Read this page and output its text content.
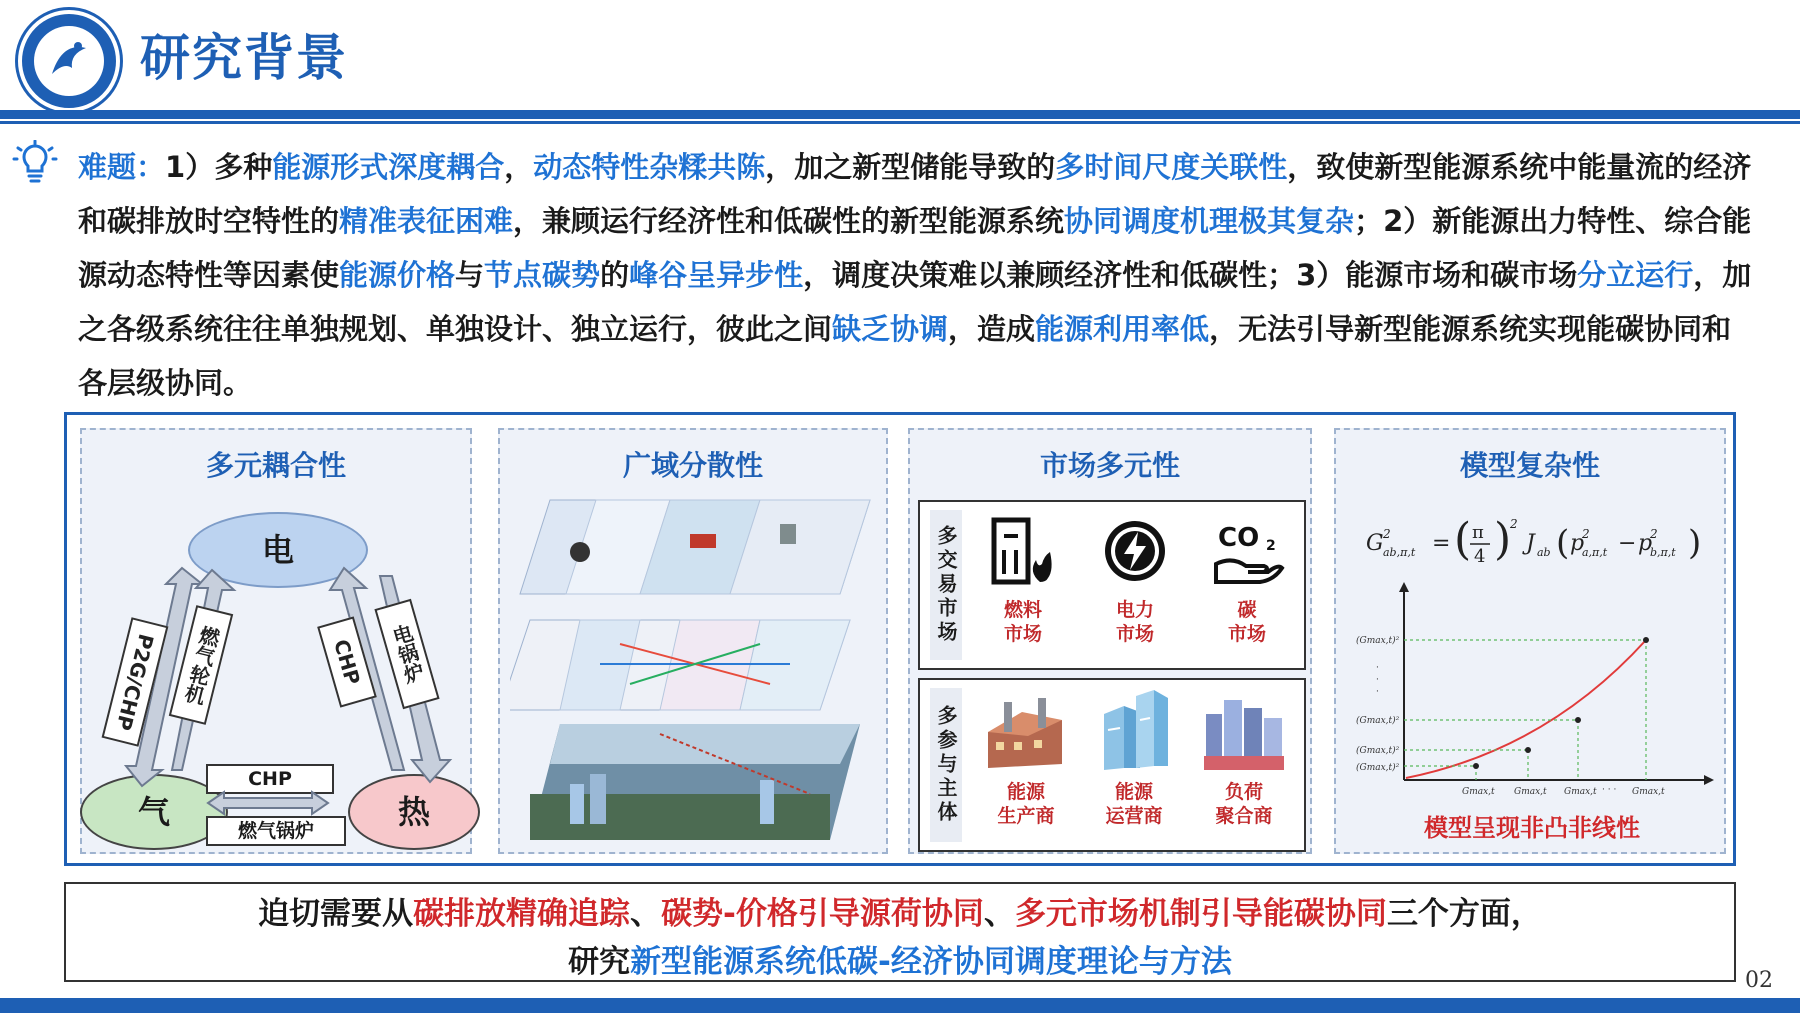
研究背景
难题：1）多种能源形式深度耦合，动态特性杂糅共陈，加之新型储能导致的多时间尺度关联性，致使新型能源系统中能量流的经济和碳排放时空特性的精准表征困难，兼顾运行经济性和低碳性的新型能源系统协同调度机理极其复杂；2）新能源出力特性、综合能源动态特性等因素使能源价格与节点碳势的峰谷呈异步性，调度决策难以兼顾经济性和低碳性；3）能源市场和碳市场分立运行，加之各级系统往往单独规划、单独设计、独立运行，彼此之间缺乏协调，造成能源利用率低，无法引导新型能源系统实现能碳协同和各层级协同。
多元耦合性
电
气	热
P2G/CHP	燃气轮机	CHP	电锅炉
CHP
燃气锅炉
广域分散性	市场多元性
多交易市场	CO 2
燃料
市场
电力
市场
碳
市场
多参与主体	能源
生产商
能源
运营商
负荷
聚合商
模型复杂性
G 2
ab,π,t = ( π
4 )
2
J ab ( p
2
a,π,t − p
2
b,π,t )
(Gmax,t)²
(Gmax,t)²
(Gmax,t)²
(Gmax,t)²
Gmax,t Gmax,t Gmax,t	Gmax,t
· · ·
·
·
·
模型呈现非凸非线性
迫切需要从碳排放精确追踪、碳势-价格引导源荷协同、多元市场机制引导能碳协同三个方面，
研究新型能源系统低碳-经济协同调度理论与方法
02
